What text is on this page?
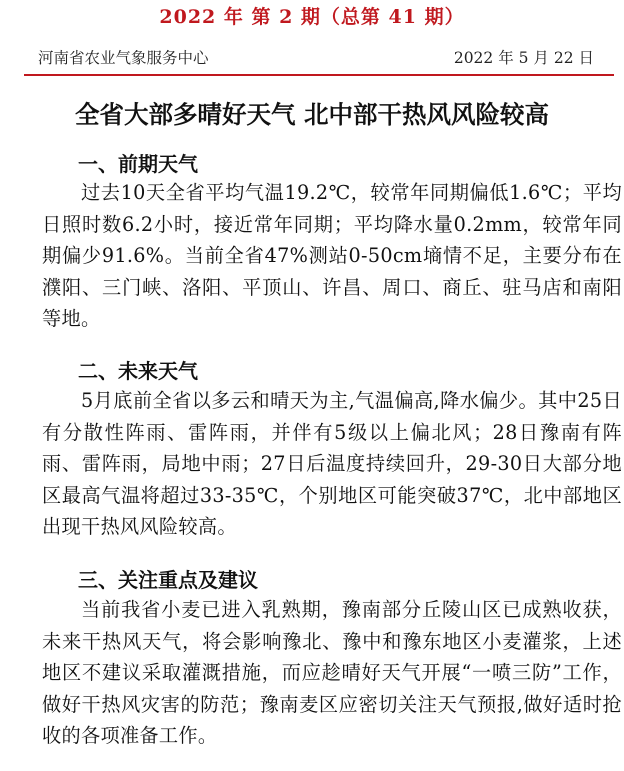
2022 年 第 2 期（总第 41 期）
河南省农业气象服务中心	2022 年 5 月 22 日
全省大部多晴好天气 北中部干热风风险较高
一、前期天气

过去10天全省平均气温19.2℃，较常年同期偏低1.6℃；平均日照时数6.2小时，接近常年同期；平均降水量0.2mm，较常年同期偏少91.6%。当前全省47%测站0-50cm墒情不足，主要分布在濮阳、三门峡、洛阳、平顶山、许昌、周口、商丘、驻马店和南阳等地。

二、未来天气

5月底前全省以多云和晴天为主,气温偏高,降水偏少。其中25日有分散性阵雨、雷阵雨，并伴有5级以上偏北风；28日豫南有阵雨、雷阵雨，局地中雨；27日后温度持续回升，29-30日大部分地区最高气温将超过33-35℃，个别地区可能突破37℃，北中部地区出现干热风风险较高。

三、关注重点及建议

当前我省小麦已进入乳熟期，豫南部分丘陵山区已成熟收获，未来干热风天气，将会影响豫北、豫中和豫东地区小麦灌浆，上述地区不建议采取灌溉措施，而应趁晴好天气开展“一喷三防”工作，做好干热风灾害的防范；豫南麦区应密切关注天气预报,做好适时抢收的各项准备工作。
